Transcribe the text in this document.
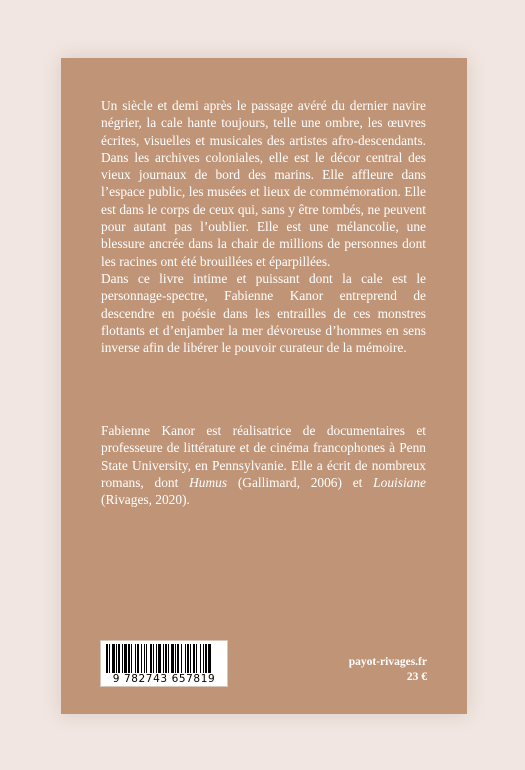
Un siècle et demi après le passage avéré du dernier navire négrier, la cale hante toujours, telle une ombre, les œuvres écrites, visuelles et musicales des artistes afro-descendants. Dans les archives coloniales, elle est le décor central des vieux journaux de bord des marins. Elle affleure dans l’espace public, les musées et lieux de commémoration. Elle est dans le corps de ceux qui, sans y être tombés, ne peuvent pour autant pas l’oublier. Elle est une mélancolie, une blessure ancrée dans la chair de millions de personnes dont les racines ont été brouillées et éparpillées.

Dans ce livre intime et puissant dont la cale est le personnage-spectre, Fabienne Kanor entreprend de descendre en poésie dans les entrailles de ces monstres flottants et d’enjamber la mer dévoreuse d’hommes en sens inverse afin de libérer le pouvoir curateur de la mémoire.

Fabienne Kanor est réalisatrice de documentaires et professeure de littérature et de cinéma francophones à Penn State University, en Pennsylvanie. Elle a écrit de nombreux romans, dont Humus (Gallimard, 2006) et Louisiane (Rivages, 2020).

9 782743 657819
payot-rivages.fr
23 €
